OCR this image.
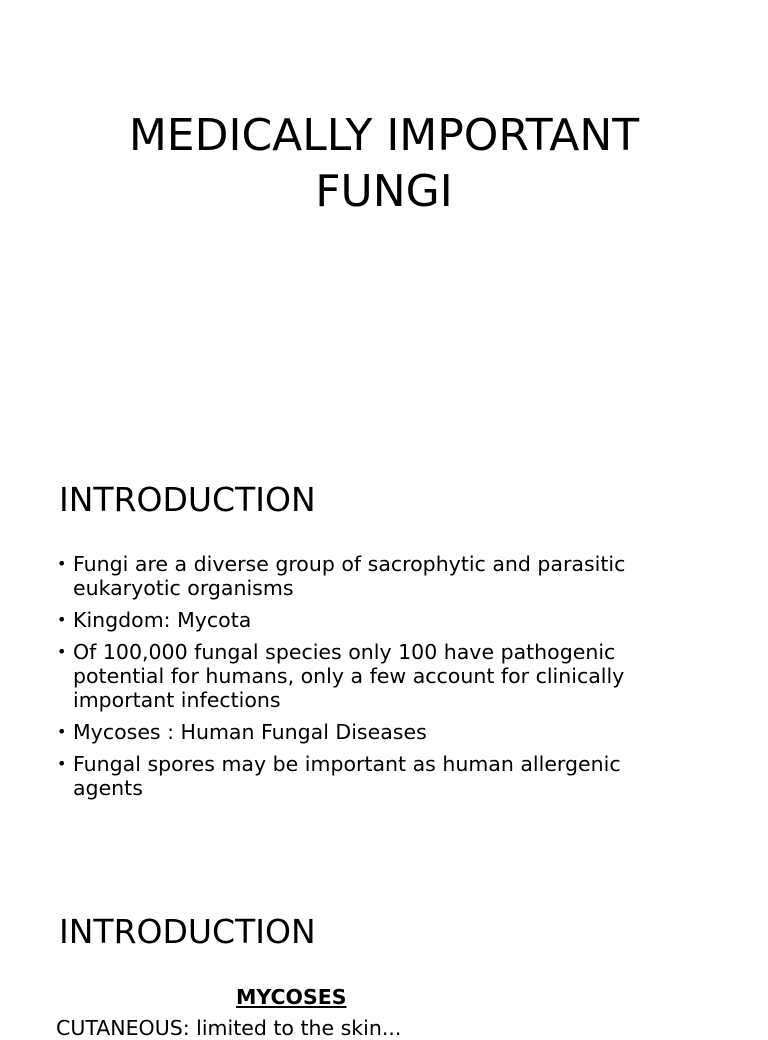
MEDICALLY IMPORTANT
FUNGI
INTRODUCTION
• Fungi are a diverse group of sacrophytic and parasitic eukaryotic organisms
• Kingdom: Mycota
• Of 100,000 fungal species only 100 have pathogenic potential for humans, only a few account for clinically important infections
• Mycoses : Human Fungal Diseases
• Fungal spores may be important as human allergenic agents
INTRODUCTION
MYCOSES
CUTANEOUS: limited to the skin...
